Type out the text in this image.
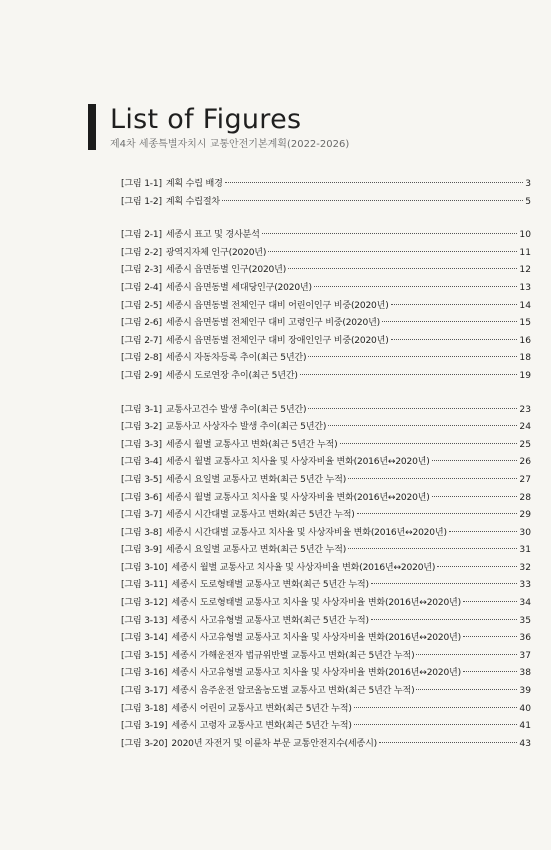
List of Figures
제4차 세종특별자치시 교통안전기본계획(2022-2026)
[그림 1-1] 계획 수립 배경	3
[그림 1-2] 계획 수립절차	5
[그림 2-1] 세종시 표고 및 경사분석	10
[그림 2-2] 광역지자체 인구(2020년)	11
[그림 2-3] 세종시 읍면동별 인구(2020년)	12
[그림 2-4] 세종시 읍면동별 세대당인구(2020년)	13
[그림 2-5] 세종시 읍면동별 전체인구 대비 어린이인구 비중(2020년)	14
[그림 2-6] 세종시 읍면동별 전체인구 대비 고령인구 비중(2020년)	15
[그림 2-7] 세종시 읍면동별 전체인구 대비 장애인인구 비중(2020년)	16
[그림 2-8] 세종시 자동차등록 추이(최근 5년간)	18
[그림 2-9] 세종시 도로연장 추이(최근 5년간)	19
[그림 3-1] 교통사고건수 발생 추이(최근 5년간)	23
[그림 3-2] 교통사고 사상자수 발생 추이(최근 5년간)	24
[그림 3-3] 세종시 월별 교통사고 변화(최근 5년간 누적)	25
[그림 3-4] 세종시 월별 교통사고 치사율 및 사상자비율 변화(2016년↔2020년)	26
[그림 3-5] 세종시 요일별 교통사고 변화(최근 5년간 누적)	27
[그림 3-6] 세종시 월별 교통사고 치사율 및 사상자비율 변화(2016년↔2020년)	28
[그림 3-7] 세종시 시간대별 교통사고 변화(최근 5년간 누적)	29
[그림 3-8] 세종시 시간대별 교통사고 치사율 및 사상자비율 변화(2016년↔2020년)	30
[그림 3-9] 세종시 요일별 교통사고 변화(최근 5년간 누적)	31
[그림 3-10] 세종시 월별 교통사고 치사율 및 사상자비율 변화(2016년↔2020년)	32
[그림 3-11] 세종시 도로형태별 교통사고 변화(최근 5년간 누적)	33
[그림 3-12] 세종시 도로형태별 교통사고 치사율 및 사상자비율 변화(2016년↔2020년)	34
[그림 3-13] 세종시 사고유형별 교통사고 변화(최근 5년간 누적)	35
[그림 3-14] 세종시 사고유형별 교통사고 치사율 및 사상자비율 변화(2016년↔2020년)	36
[그림 3-15] 세종시 가해운전자 법규위반별 교통사고 변화(최근 5년간 누적)	37
[그림 3-16] 세종시 사고유형별 교통사고 치사율 및 사상자비율 변화(2016년↔2020년)	38
[그림 3-17] 세종시 음주운전 알코올농도별 교통사고 변화(최근 5년간 누적)	39
[그림 3-18] 세종시 어린이 교통사고 변화(최근 5년간 누적)	40
[그림 3-19] 세종시 고령자 교통사고 변화(최근 5년간 누적)	41
[그림 3-20] 2020년 자전거 및 이륜차 부문 교통안전지수(세종시)	43
